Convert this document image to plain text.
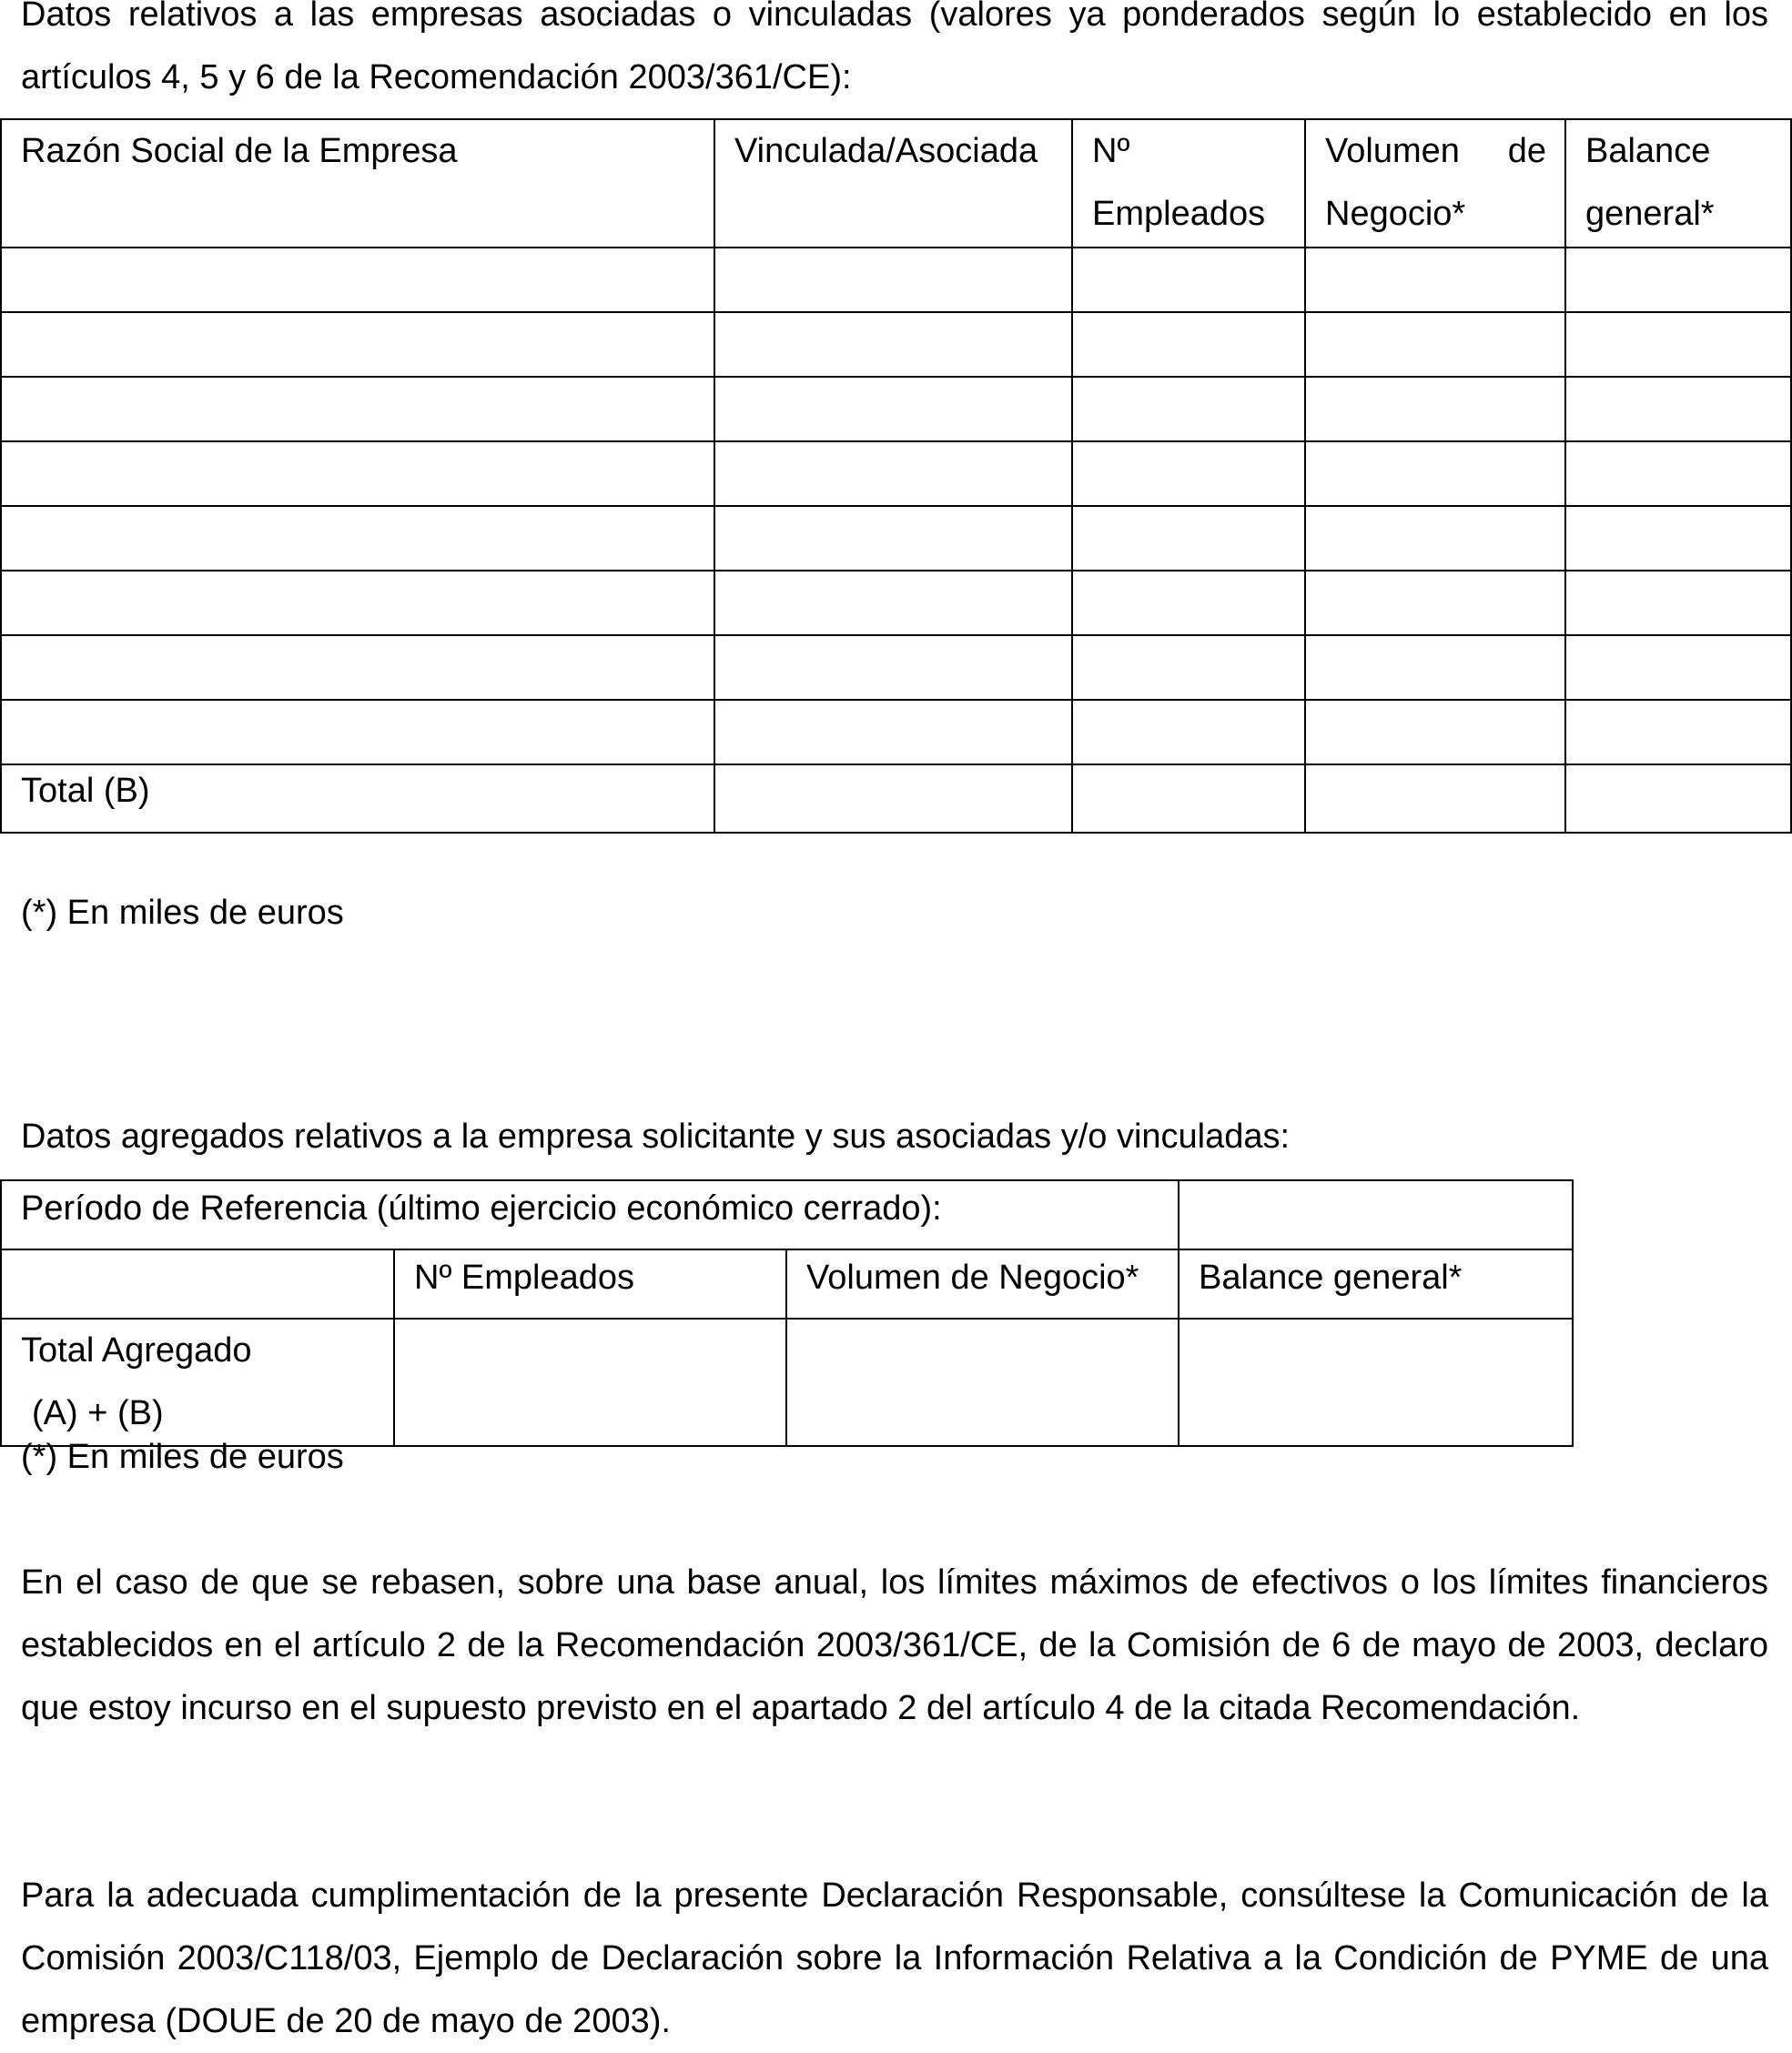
Datos relativos a las empresas asociadas o vinculadas (valores ya ponderados según lo establecido en los artículos 4, 5 y 6 de la Recomendación 2003/361/CE):

Razón Social de la Empresa	Vinculada/Asociada	Nº Empleados	Volumen de Negocio*	Balance general*

Total (B)				

(*) En miles de euros

Datos agregados relativos a la empresa solicitante y sus asociadas y/o vinculadas:

Período de Referencia (último ejercicio económico cerrado):			
	Nº Empleados	Volumen de Negocio*	Balance general*

Total Agregado
(A) + (B)			

(*) En miles de euros

En el caso de que se rebasen, sobre una base anual, los límites máximos de efectivos o los límites financieros establecidos en el artículo 2 de la Recomendación 2003/361/CE, de la Comisión de 6 de mayo de 2003, declaro que estoy incurso en el supuesto previsto en el apartado 2 del artículo 4 de la citada Recomendación.

Para la adecuada cumplimentación de la presente Declaración Responsable, consúltese la Comunicación de la Comisión 2003/C118/03, Ejemplo de Declaración sobre la Información Relativa a la Condición de PYME de una empresa (DOUE de 20 de mayo de 2003).
